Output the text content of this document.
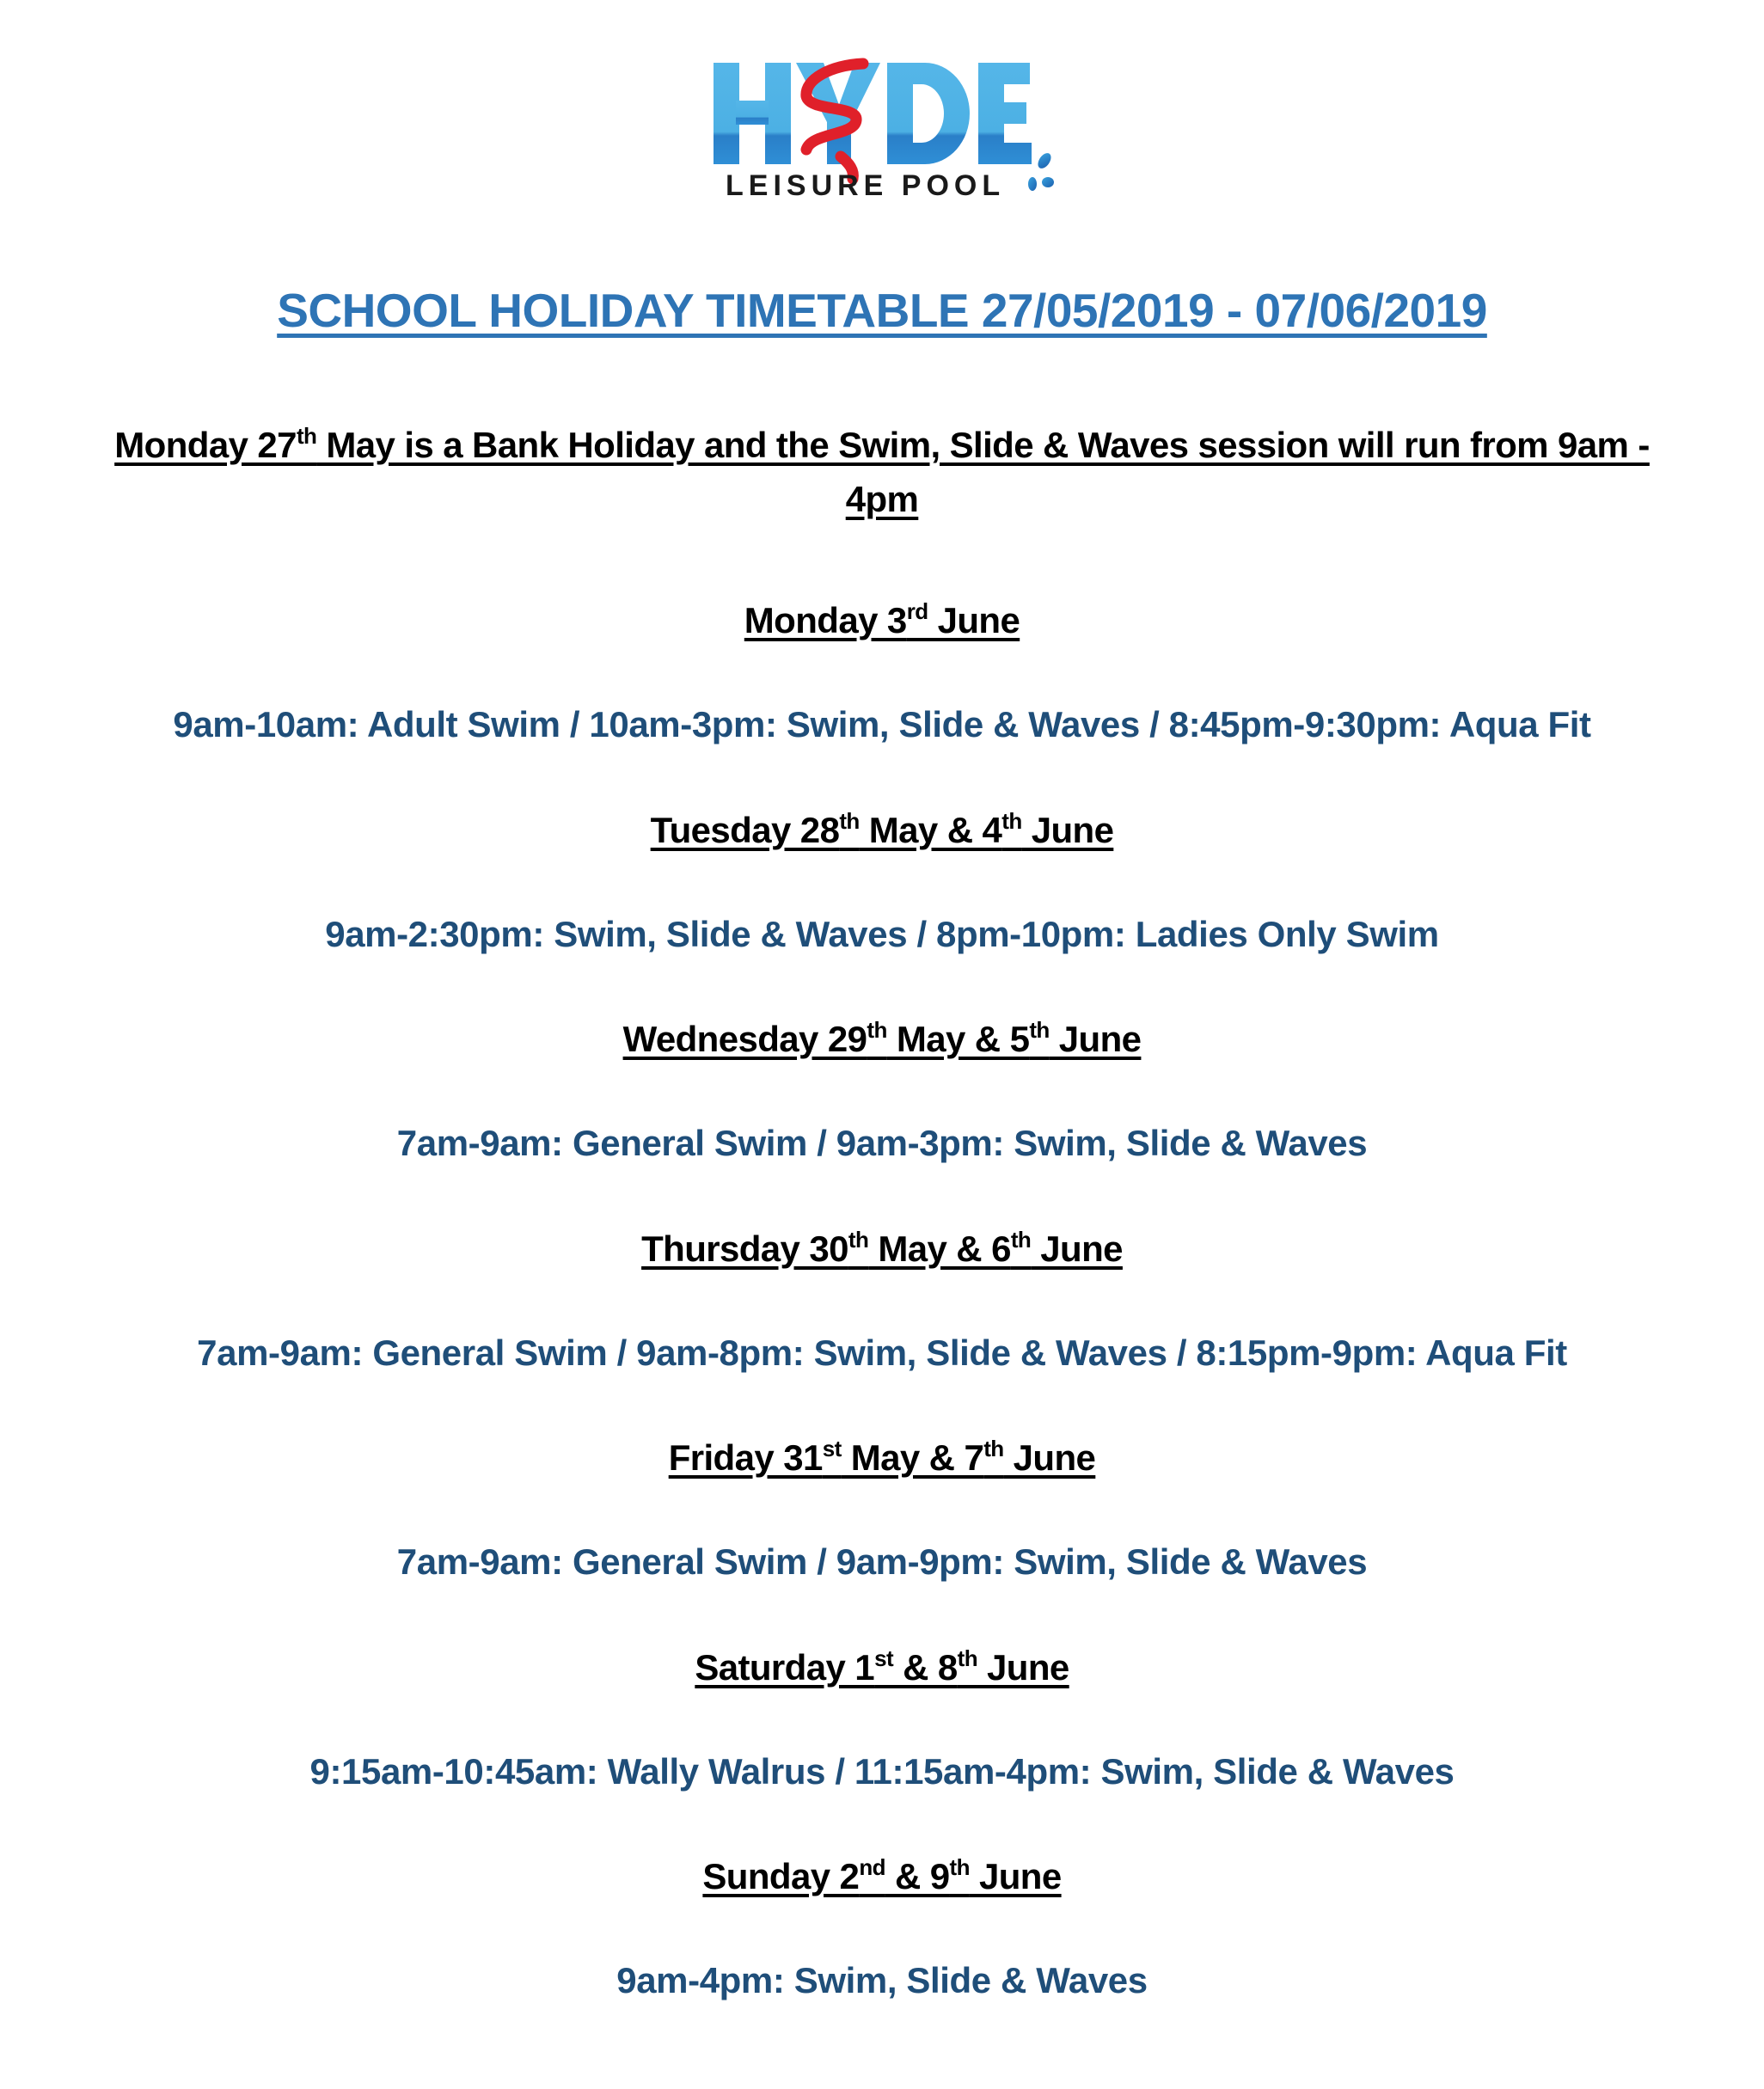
LEISURE POOL
SCHOOL HOLIDAY TIMETABLE 27/05/2019 - 07/06/2019
Monday 27th May is a Bank Holiday and the Swim, Slide & Waves session will run from 9am -
4pm
Monday 3rd June
9am-10am: Adult Swim / 10am-3pm: Swim, Slide & Waves / 8:45pm-9:30pm: Aqua Fit
Tuesday 28th May & 4th June
9am-2:30pm: Swim, Slide & Waves / 8pm-10pm: Ladies Only Swim
Wednesday 29th May & 5th June
7am-9am: General Swim / 9am-3pm: Swim, Slide & Waves
Thursday 30th May & 6th June
7am-9am: General Swim / 9am-8pm: Swim, Slide & Waves / 8:15pm-9pm: Aqua Fit
Friday 31st May & 7th June
7am-9am: General Swim / 9am-9pm: Swim, Slide & Waves
Saturday 1st & 8th June
9:15am-10:45am: Wally Walrus / 11:15am-4pm: Swim, Slide & Waves
Sunday 2nd & 9th June
9am-4pm: Swim, Slide & Waves
